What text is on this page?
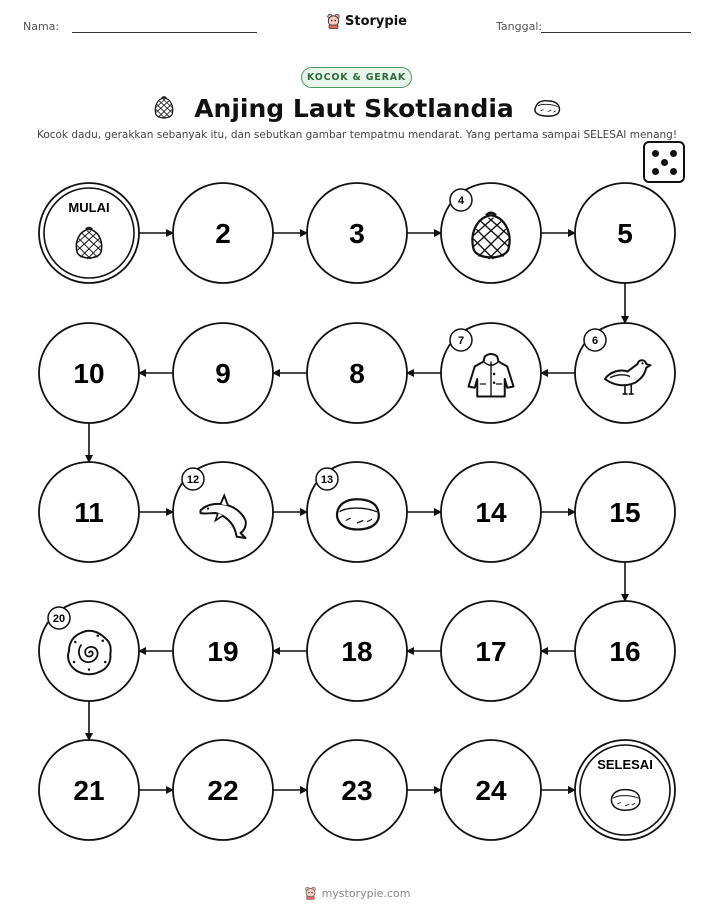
Nama:	Storypie	Tanggal:
KOCOK & GERAK
Anjing Laut Skotlandia
Kocok dadu, gerakkan sebanyak itu, dan sebutkan gambar tempatmu mendarat. Yang pertama sampai SELESAI menang!
MULAI
2	3
4
5
6
7
8
9
10
11
12	13
14	15
16
17
18
19
20
21	22	23	24
SELESAI
mystorypie.com
